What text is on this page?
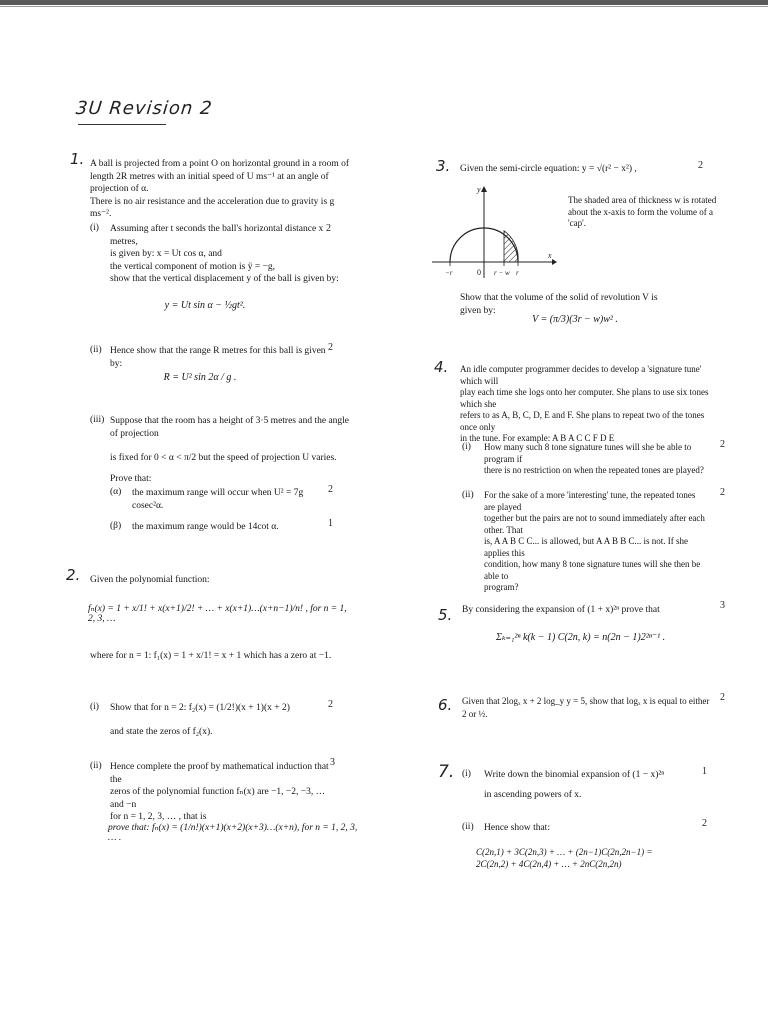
3U Revision 2
1. A ball is projected from a point O on horizontal ground in a room of

length 2R metres with an initial speed of U ms⁻¹ at an angle of projection of α.

There is no air resistance and the acceleration due to gravity is g ms⁻².

(i) Assuming after t seconds the ball's horizontal distance x metres,

is given by: x = Ut cos α, and

the vertical component of motion is ÿ = −g,

show that the vertical displacement y of the ball is given by:

2
y = Ut sin α − ½gt².
(ii) Hence show that the range R metres for this ball is given by:
2
R = U² sin 2α / g .
(iii) Suppose that the room has a height of 3·5 metres and the angle of projection

is fixed for 0 < α < π/2 but the speed of projection U varies.

Prove that:

(α) the maximum range will occur when U² = 7g cosec²α.
2
(β) the maximum range would be 14cot α.	1
2. Given the polynomial function:
fₙ(x) = 1 + x/1! + x(x+1)/2! + … + x(x+1)…(x+n−1)/n! , for n = 1, 2, 3, …
where for n = 1: f₁(x) = 1 + x/1! = x + 1 which has a zero at −1.
(i) Show that for n = 2: f₂(x) = (1/2!)(x + 1)(x + 2)
and state the zeros of f₂(x).
2
(ii) Hence complete the proof by mathematical induction that the

zeros of the polynomial function fₙ(x) are −1, −2, −3, … and −n

for n = 1, 2, 3, … , that is

3
prove that: fₙ(x) = (1/n!)(x+1)(x+2)(x+3)…(x+n), for n = 1, 2, 3, … .
3. Given the semi-circle equation: y = √(r² − x²) ,	2
y
x
−r	0 r − w r

The shaded area of thickness w is rotated

about the x-axis to form the volume of a 'cap'.

Show that the volume of the solid of revolution V is given by:
V = (π/3)(3r − w)w² .
4. An idle computer programmer decides to develop a 'signature tune' which will

play each time she logs onto her computer. She plans to use six tones which she

refers to as A, B, C, D, E and F. She plans to repeat two of the tones once only

in the tune. For example: A B A C C F D E

(i) How many such 8 tone signature tunes will she be able to program if

there is no restriction on when the repeated tones are played?

2
(ii) For the sake of a more 'interesting' tune, the repeated tones are played

together but the pairs are not to sound immediately after each other. That

is, A A B C C... is allowed, but A A B B C... is not. If she applies this

condition, how many 8 tone signature tunes will she then be able to

program?

2
5. By considering the expansion of (1 + x)²ⁿ prove that	3
Σₖ₌₁²ⁿ k(k − 1) C(2n, k) = n(2n − 1)2²ⁿ⁻¹ .
6. Given that 2logₓ x + 2 log_y y = 5, show that logₓ x is equal to either 2 or ½.
2
7. (i) Write down the binomial expansion of (1 − x)²ⁿ
in ascending powers of x.
1
(ii) Hence show that:	2
C(2n,1) + 3C(2n,3) + … + (2n−1)C(2n,2n−1) = 2C(2n,2) + 4C(2n,4) + … + 2nC(2n,2n)
